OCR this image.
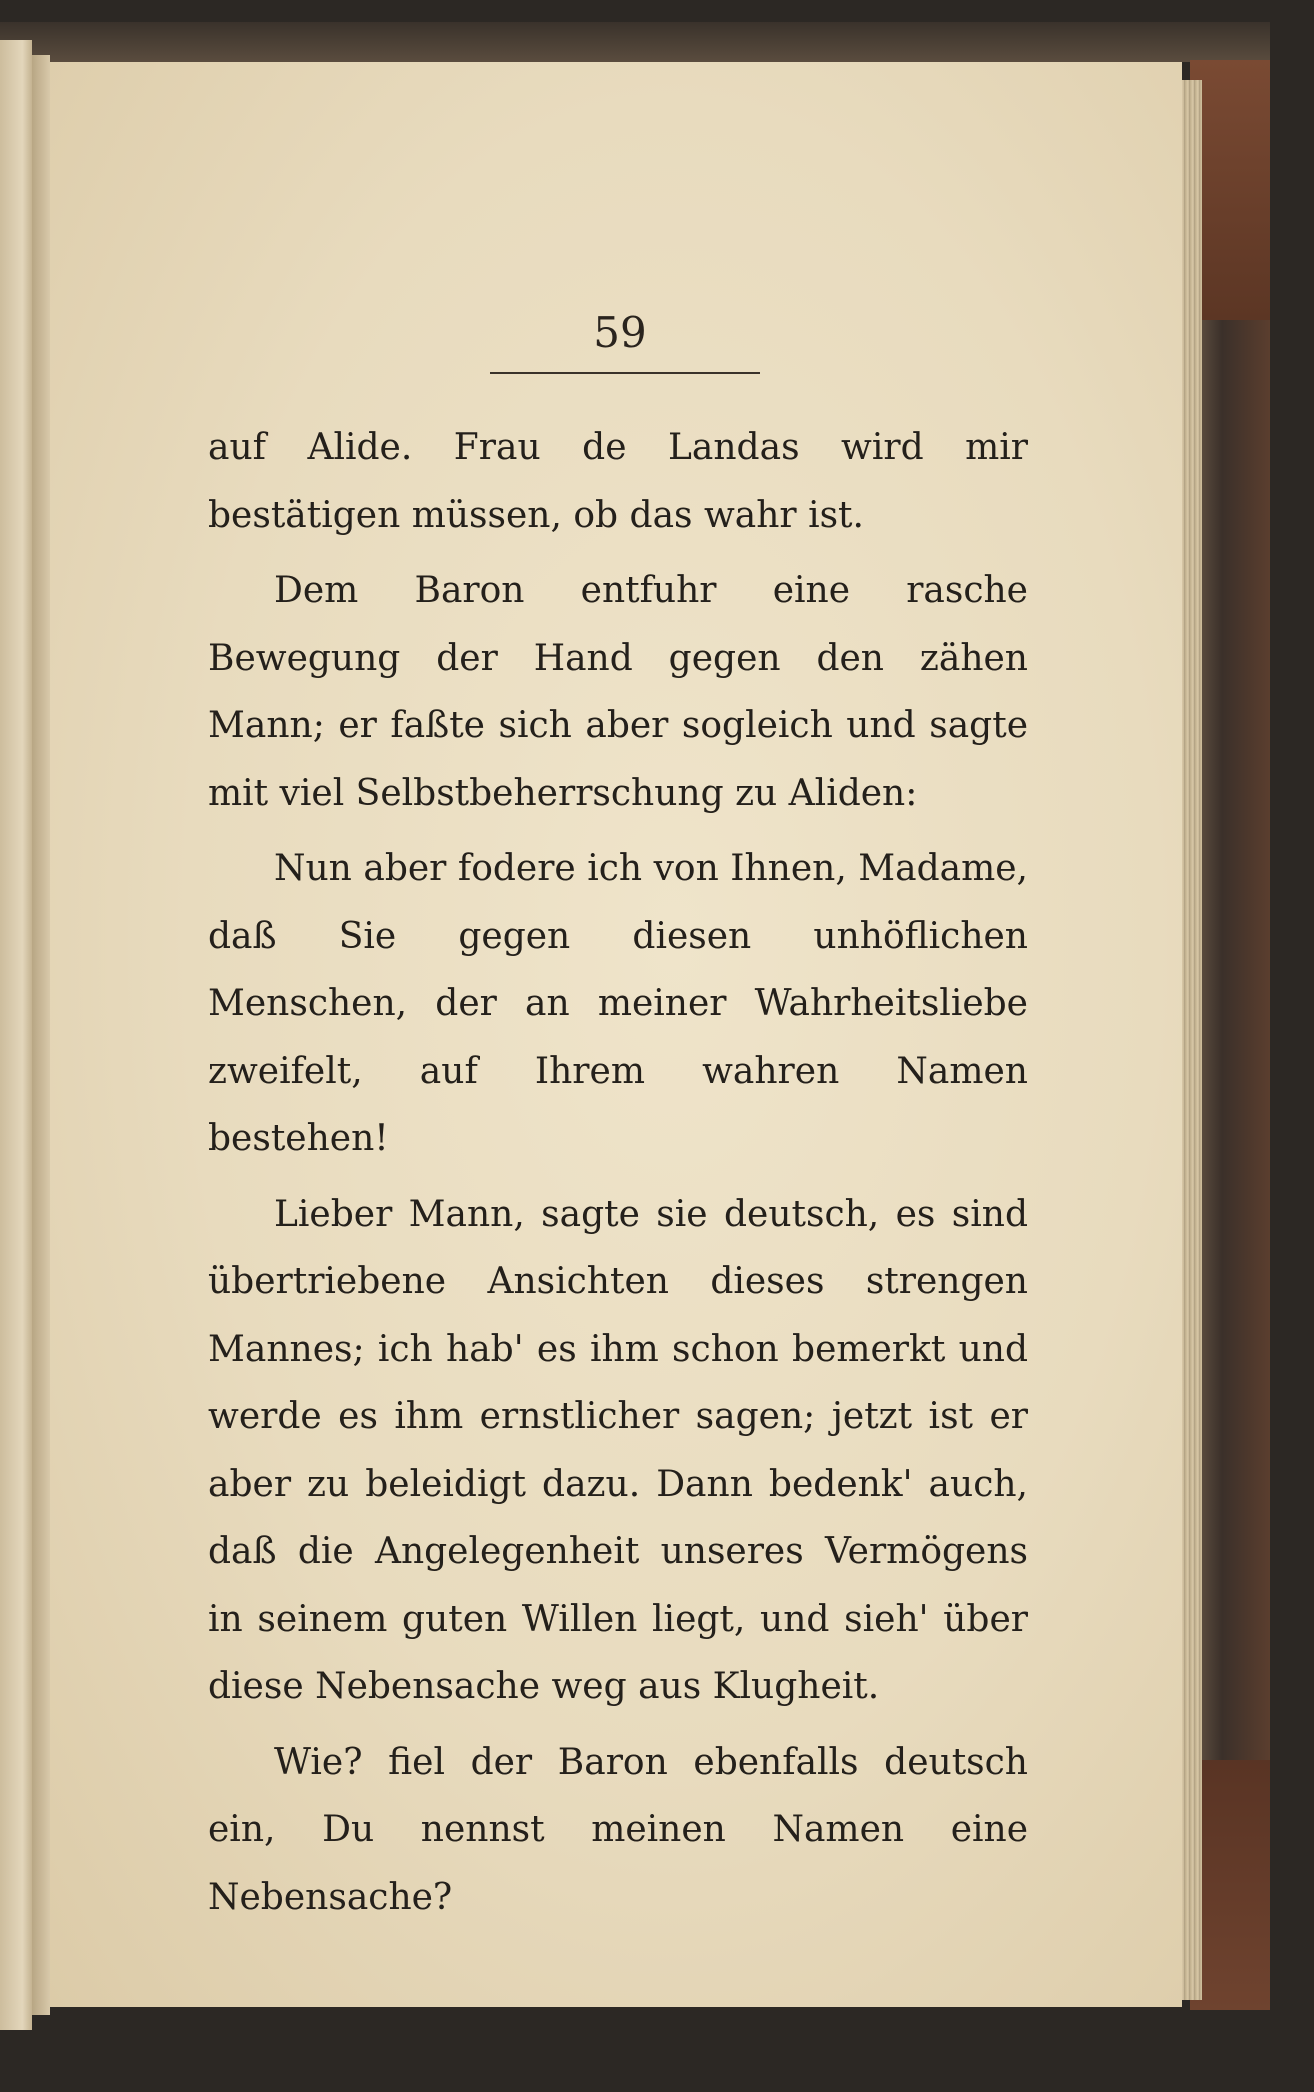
59

auf Alide. Frau de Landas wird mir bestätigen müssen, ob das wahr ist.

Dem Baron entfuhr eine rasche Bewegung der Hand gegen den zähen Mann; er faßte sich aber sogleich und sagte mit viel Selbstbeherrschung zu Aliden:

Nun aber fodere ich von Ihnen, Madame, daß Sie gegen diesen unhöflichen Menschen, der an meiner Wahrheitsliebe zweifelt, auf Ihrem wahren Namen bestehen!

Lieber Mann, sagte sie deutsch, es sind übertriebene Ansichten dieses strengen Mannes; ich hab' es ihm schon bemerkt und werde es ihm ernstlicher sagen; jetzt ist er aber zu beleidigt dazu. Dann bedenk' auch, daß die Angelegenheit unseres Vermögens in seinem guten Willen liegt, und sieh' über diese Nebensache weg aus Klugheit.

Wie? fiel der Baron ebenfalls deutsch ein, Du nennst meinen Namen eine Nebensache?
